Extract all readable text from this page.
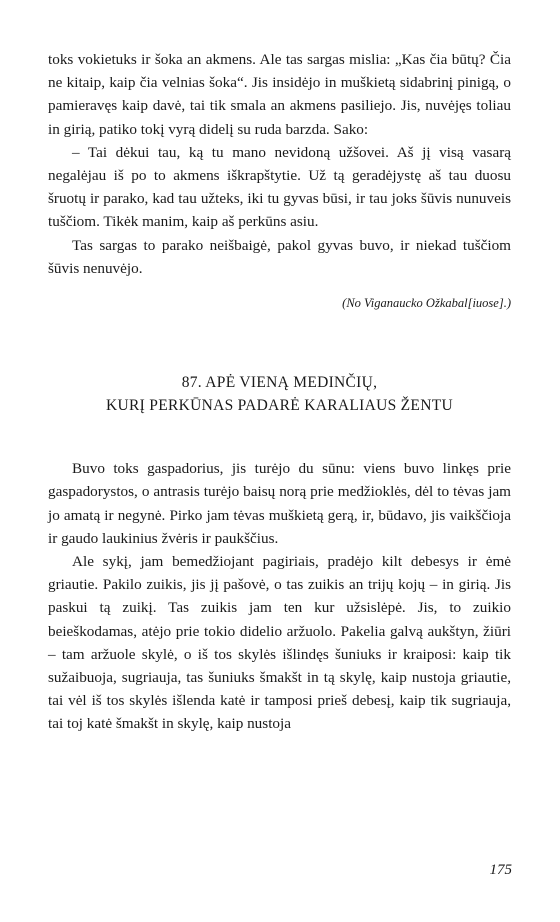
toks vokietuks ir šoka an akmens. Ale tas sargas mislia: „Kas čia būtų? Čia ne kitaip, kaip čia velnias šoka“. Jis insidėjo in muškietą sidabrinį pinigą, o pamieravęs kaip davė, tai tik smala an akmens pasiliejo. Jis, nuvėjęs toliau in girią, patiko tokį vyrą didelį su ruda barzda. Sako:

– Tai dėkui tau, ką tu mano nevidoną užšovei. Aš jį visą vasarą negalėjau iš po to akmens iškrapštytie. Už tą geradėjystę aš tau duosu šruotų ir parako, kad tau užteks, iki tu gyvas būsi, ir tau joks šūvis nunuveis tuščiom. Tikėk manim, kaip aš perkūns asiu.

Tas sargas to parako neišbaigė, pakol gyvas buvo, ir niekad tuščiom šūvis nenuvėjo.

(No Viganaucko Ožkabal[iuose].)

87. APĖ VIENĄ MEDINČIŲ,
KURĮ PERKŪNAS PADARĖ KARALIAUS ŽENTU

Buvo toks gaspadorius, jis turėjo du sūnu: viens buvo linkęs prie gaspadorystos, o antrasis turėjo baisų norą prie medžioklės, dėl to tėvas jam jo amatą ir negynė. Pirko jam tėvas muškietą gerą, ir, būdavo, jis vaikščioja ir gaudo laukinius žvėris ir paukščius.

Ale sykį, jam bemedžiojant pagiriais, pradėjo kilt debesys ir ėmė griautie. Pakilo zuikis, jis jį pašovė, o tas zuikis an trijų kojų – in girią. Jis paskui tą zuikį. Tas zuikis jam ten kur užsislėpė. Jis, to zuikio beieškodamas, atėjo prie tokio didelio aržuolo. Pakelia galvą aukštyn, žiūri – tam aržuole skylė, o iš tos skylės išlindęs šuniuks ir kraiposi: kaip tik sužaibuoja, sugriauja, tas šuniuks šmakšt in tą skylę, kaip nustoja griautie, tai vėl iš tos skylės išlenda katė ir tamposi prieš debesį, kaip tik sugriauja, tai toj katė šmakšt in skylę, kaip nustoja

175
